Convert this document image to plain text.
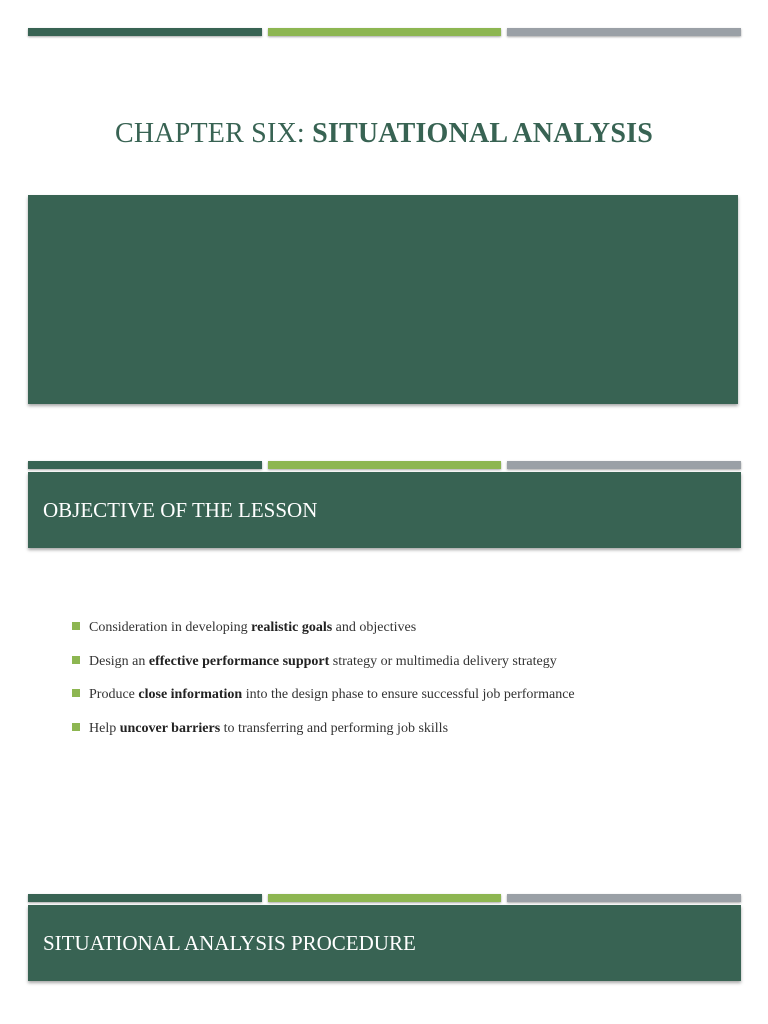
CHAPTER SIX: SITUATIONAL ANALYSIS
OBJECTIVE OF THE LESSON
Consideration in developing realistic goals and objectives
Design an effective performance support strategy or multimedia delivery strategy
Produce close information into the design phase to ensure successful job performance
Help uncover barriers to transferring and performing job skills
SITUATIONAL ANALYSIS PROCEDURE
